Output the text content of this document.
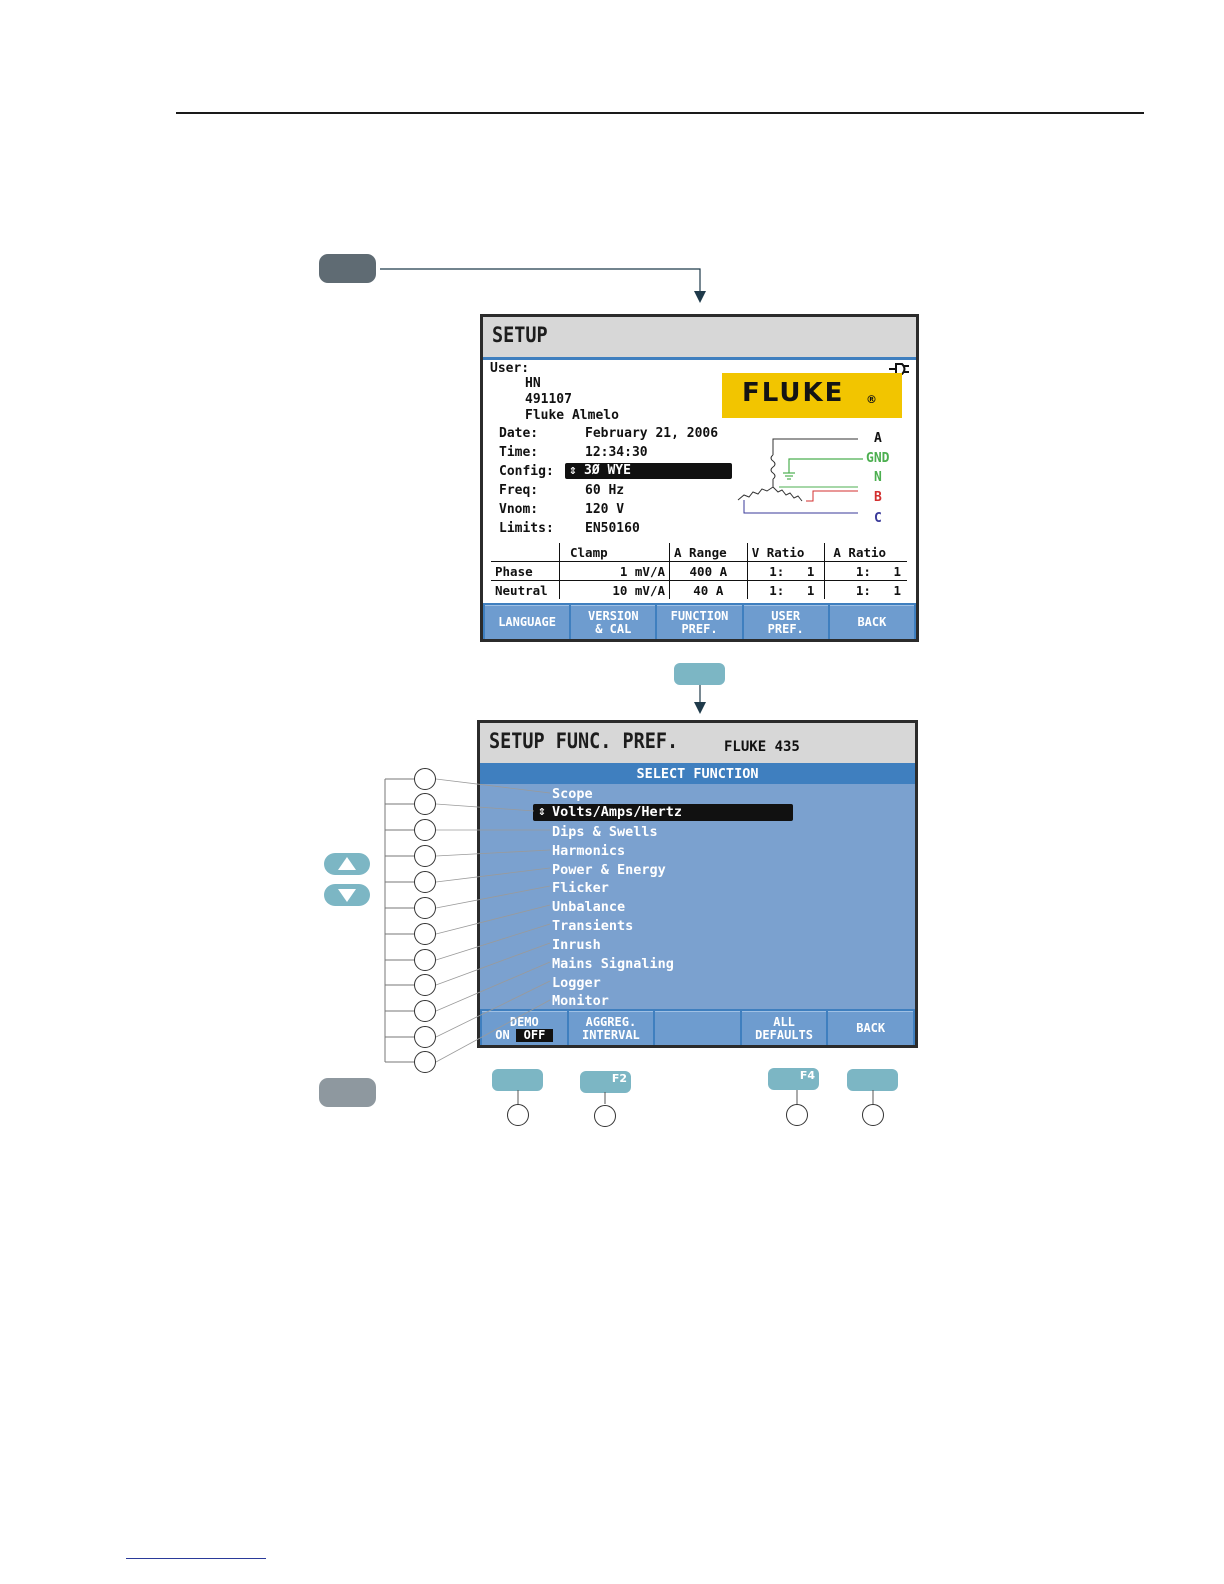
SETUP
User:
HN
491107
Fluke Almelo
FLUKE ®
Date:	February 21, 2006
Time:	12:34:30
Config: ⇕ 3Ø WYE
Freq:	60 Hz
Vnom:	120 V
Limits: EN50160
A
GND
N
B
C
	Clamp	A Range	V Ratio	A Ratio
Phase	1 mV/A	400 A	1:   1	1:   1
Neutral	10 mV/A	40 A	1:   1	1:   1
LANGUAGE	VERSION
& CAL
FUNCTION
PREF.
USER
PREF.	BACK
SETUP FUNC. PREF.	FLUKE 435
SELECT FUNCTION
Scope
⇕ Volts/Amps/Hertz
Dips & Swells
Harmonics
Power & Energy
Flicker
Unbalance
Transients
Inrush
Mains Signaling
Logger
Monitor
DEMO
ON	OFF
AGGREG.
INTERVAL
ALL
DEFAULTS	BACK
F2	F4
